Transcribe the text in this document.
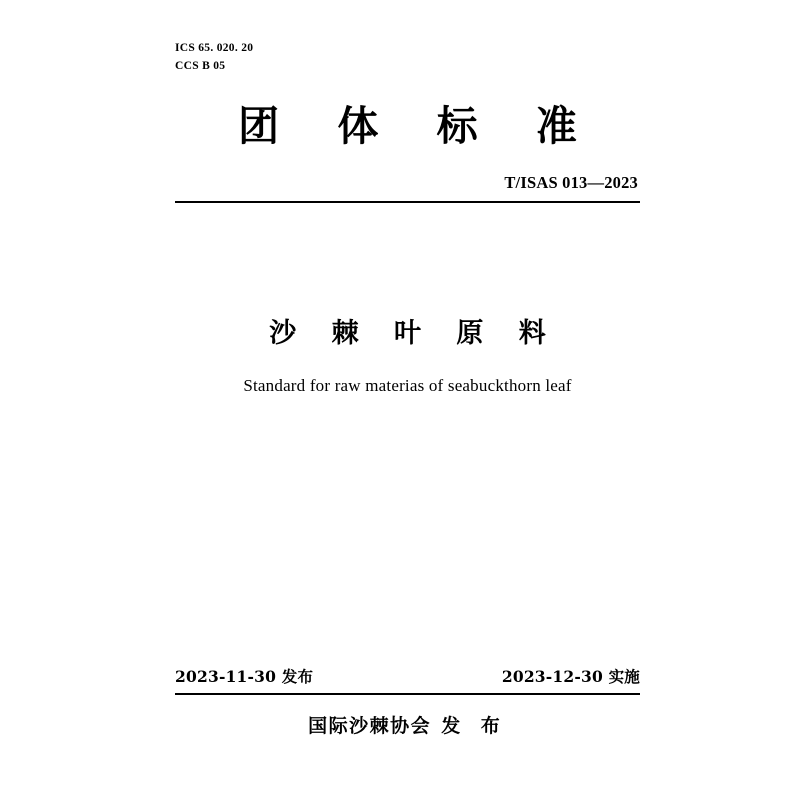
ICS 65. 020. 20
CCS B 05
团 体 标 准
T/ISAS 013—2023
沙 棘 叶 原 料
Standard for raw materias of seabuckthorn leaf
2023-11-30 发布	2023-12-30 实施
国际沙棘协会 发 布
